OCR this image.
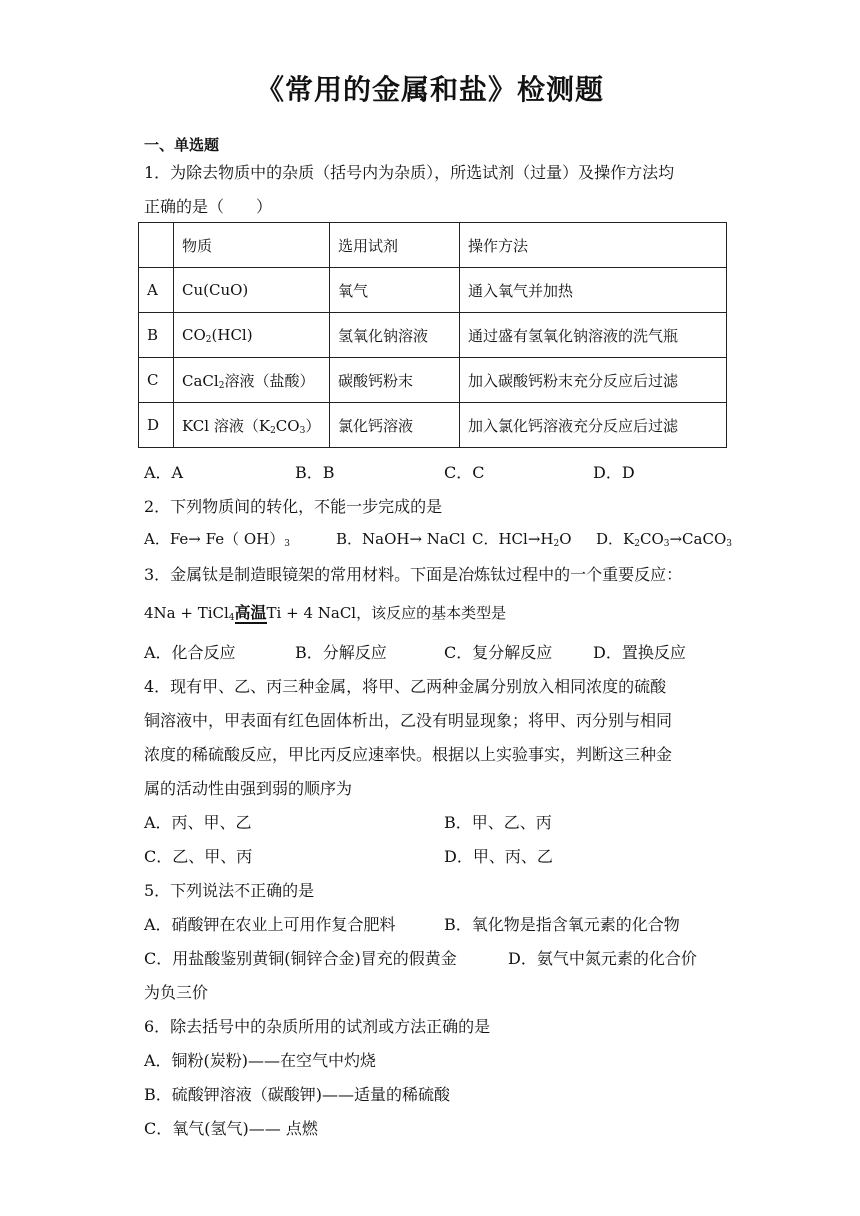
《常用的金属和盐》检测题
一、单选题
1．为除去物质中的杂质（括号内为杂质），所选试剂（过量）及操作方法均
正确的是（　　）
	物质	选用试剂	操作方法
A	Cu(CuO)	氧气	通入氧气并加热
B	$CO_2(HCl)$	氢氧化钠溶液	通过盛有氢氧化钠溶液的洗气瓶
C	CaCl$_2$溶液（盐酸）	碳酸钙粉末	加入碳酸钙粉末充分反应后过滤
D	KCl 溶液$(K_2CO_3)$	氯化钙溶液	加入氯化钙溶液充分反应后过滤
A．A	B．B	C．C	D．D
2．下列物质间的转化，不能一步完成的是
A．Fe→ Fe（ $OH)_3$	B．NaOH→ NaCl C．$HCl\to H_2O$ D．$K_2CO_3\to CaCO_3$
3．金属钛是制造眼镜架的常用材料。下面是冶炼钛过程中的一个重要反应：
4Na + TiCl$_4$高温Ti + 4 NaCl，该反应的基本类型是
A．化合反应	B．分解反应	C．复分解反应	D．置换反应
4．现有甲、乙、丙三种金属，将甲、乙两种金属分别放入相同浓度的硫酸
铜溶液中，甲表面有红色固体析出，乙没有明显现象；将甲、丙分别与相同
浓度的稀硫酸反应，甲比丙反应速率快。根据以上实验事实，判断这三种金
属的活动性由强到弱的顺序为
A．丙、甲、乙	B．甲、乙、丙
C．乙、甲、丙	D．甲、丙、乙
5．下列说法不正确的是
A．硝酸钾在农业上可用作复合肥料	B．氧化物是指含氧元素的化合物
C．用盐酸鉴别黄铜(铜锌合金)冒充的假黄金	D．氨气中氮元素的化合价
为负三价
6．除去括号中的杂质所用的试剂或方法正确的是
A．铜粉(炭粉)——在空气中灼烧
B．硫酸钾溶液（碳酸钾)——适量的稀硫酸
C．氧气(氢气)—— 点燃
